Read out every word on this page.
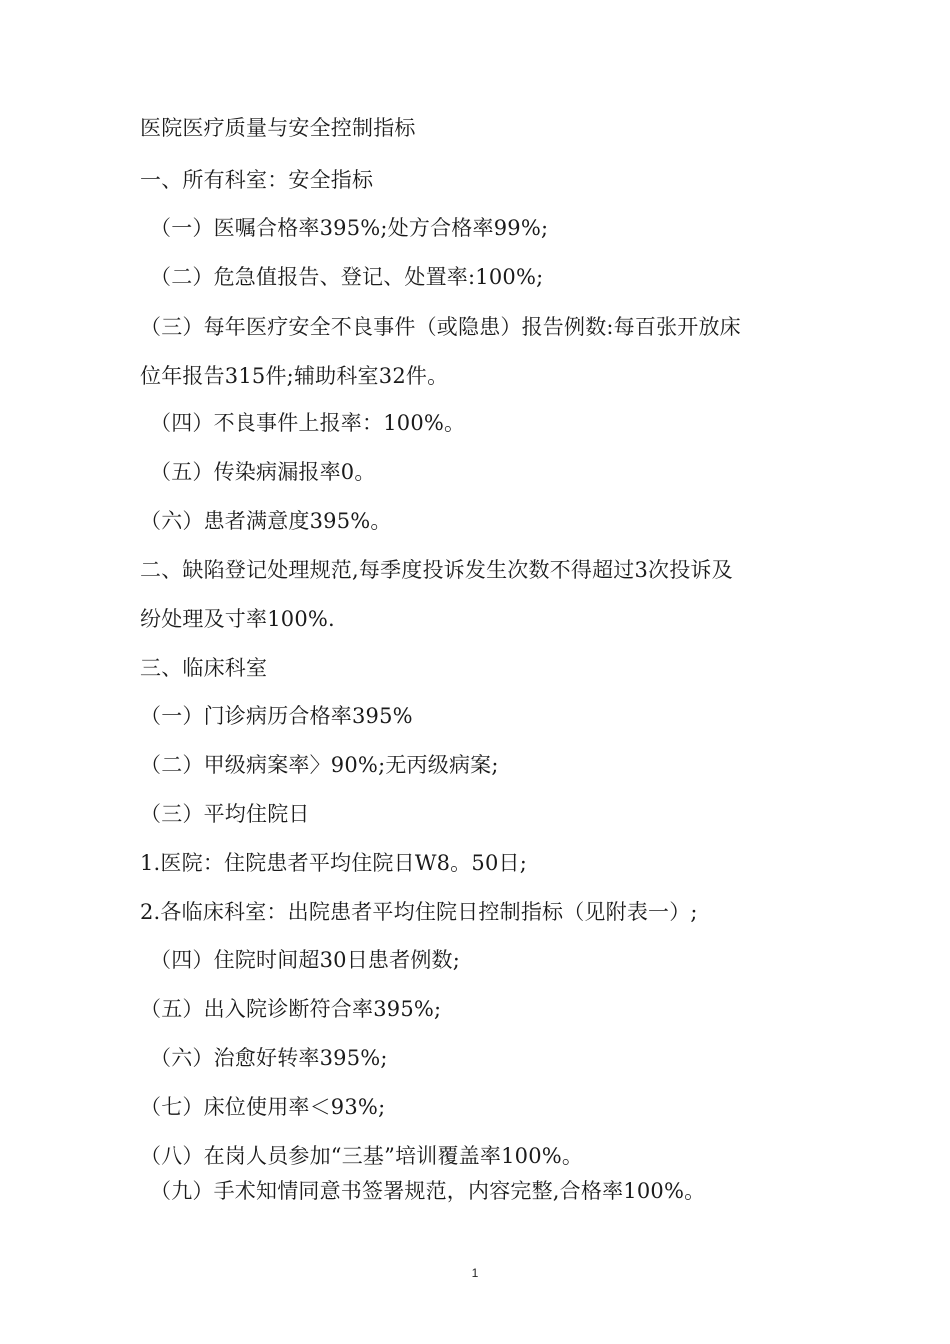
医院医疗质量与安全控制指标
一、所有科室：安全指标
（一）医嘱合格率395%;处方合格率99%;
（二）危急值报告、登记、处置率:100%;
（三）每年医疗安全不良事件（或隐患）报告例数:每百张开放床
位年报告315件;辅助科室32件。
（四）不良事件上报率：100%。
（五）传染病漏报率0。
（六）患者满意度395%。
二、缺陷登记处理规范,每季度投诉发生次数不得超过3次投诉及
纷处理及寸率100%.
三、临床科室
（一）门诊病历合格率395%
（二）甲级病案率〉90%;无丙级病案;
（三）平均住院日
1.医院：住院患者平均住院日W8。50日;
2.各临床科室：出院患者平均住院日控制指标（见附表一）;
（四）住院时间超30日患者例数;
（五）出入院诊断符合率395%;
（六）治愈好转率395%;
（七）床位使用率＜93%;
（八）在岗人员参加“三基”培训覆盖率100%。
（九）手术知情同意书签署规范，内容完整,合格率100%。
1
